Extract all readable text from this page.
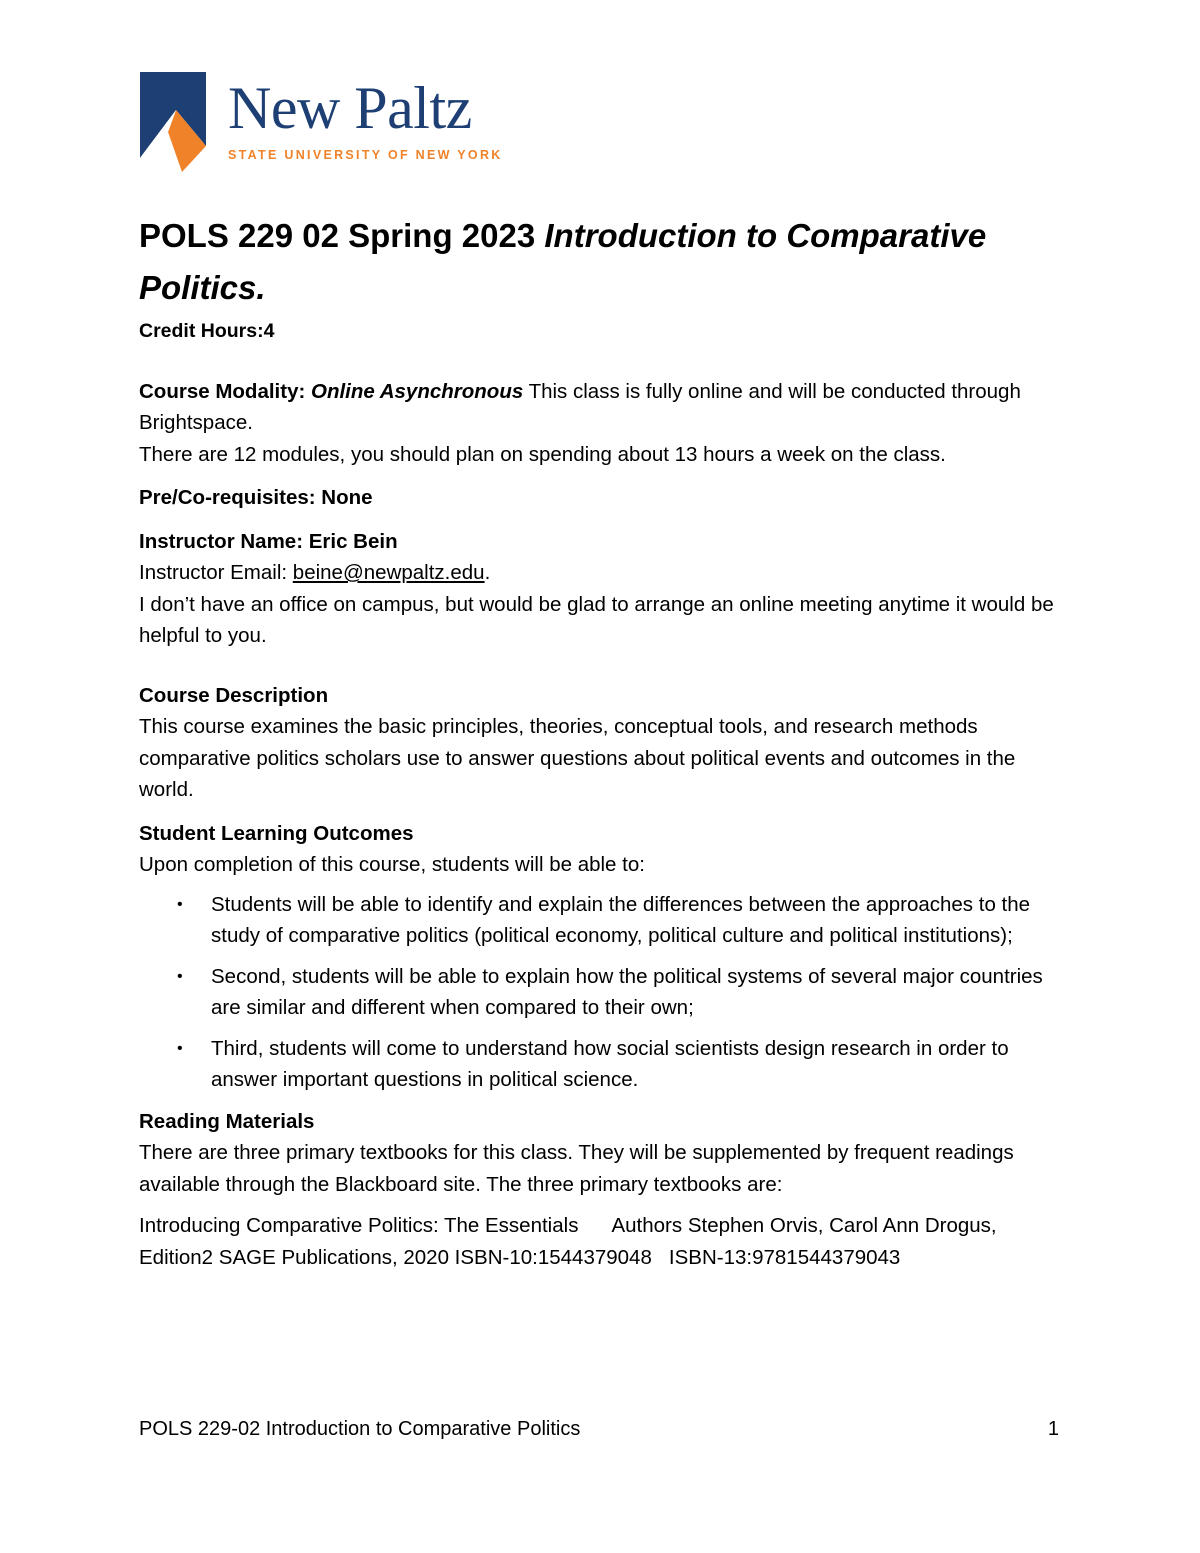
New Paltz
STATE UNIVERSITY OF NEW YORK
POLS 229 02 Spring 2023 Introduction to Comparative Politics.

Credit Hours:4

Course Modality: Online Asynchronous This class is fully online and will be conducted through Brightspace.

There are 12 modules, you should plan on spending about 13 hours a week on the class.

Pre/Co-requisites: None

Instructor Name: Eric Bein

Instructor Email: beine@newpaltz.edu.

I don’t have an office on campus, but would be glad to arrange an online meeting anytime it would be helpful to you.

Course Description

This course examines the basic principles, theories, conceptual tools, and research methods comparative politics scholars use to answer questions about political events and outcomes in the world.

Student Learning Outcomes

Upon completion of this course, students will be able to:

• Students will be able to identify and explain the differences between the approaches to the study of comparative politics (political economy, political culture and political institutions);
• Second, students will be able to explain how the political systems of several major countries are similar and different when compared to their own;
• Third, students will come to understand how social scientists design research in order to answer important questions in political science.

Reading Materials

There are three primary textbooks for this class. They will be supplemented by frequent readings available through the Blackboard site. The three primary textbooks are:

Introducing Comparative Politics: The Essentials      Authors Stephen Orvis, Carol Ann Drogus, Edition2 SAGE Publications, 2020 ISBN-10:1544379048   ISBN-13:9781544379043

POLS 229-02 Introduction to Comparative Politics	1
